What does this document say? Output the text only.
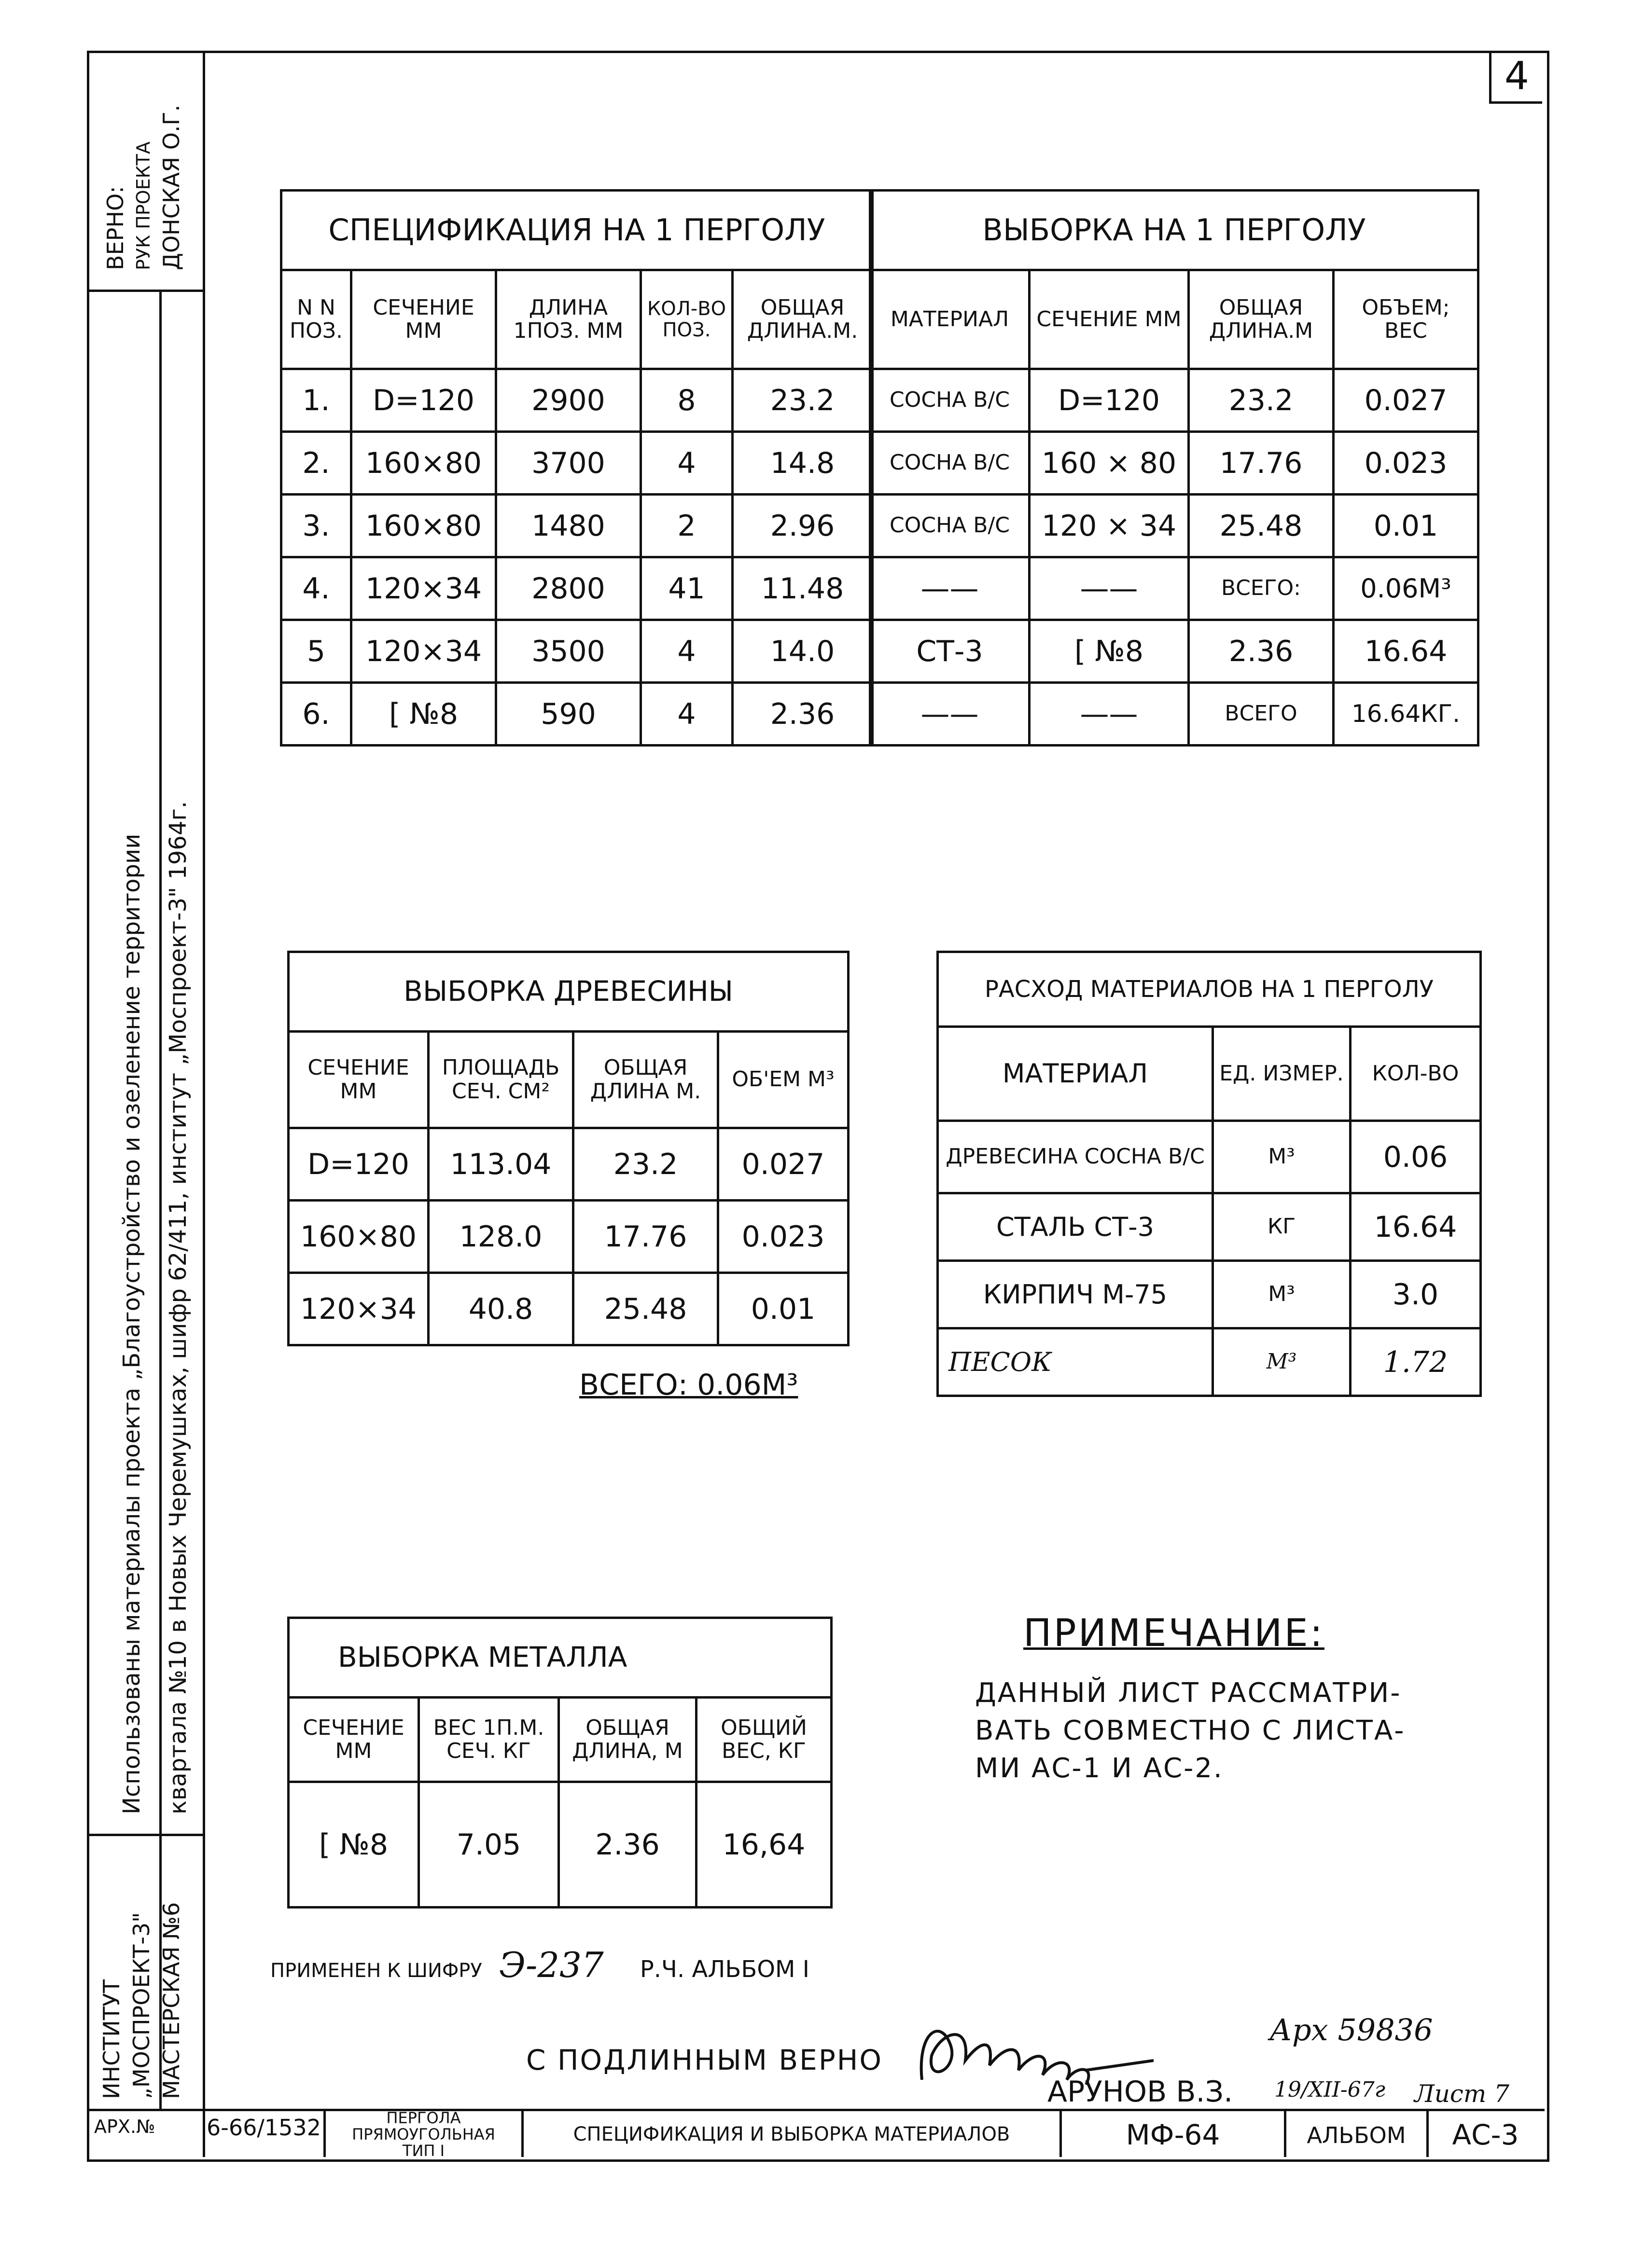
4
ВЕРНО: РУК ПРОЕКТА ДОНСКАЯ О.Г.
Использованы материалы проекта „Благоустройство и озеленение территории квартала №10 в Новых Черемушках, шифр 62/411, институт „Моспроект-3" 1964г.
ИНСТИТУТ „МОСПРОЕКТ-3" МАСТЕРСКАЯ №6
СПЕЦИФИКАЦИЯ НА 1 ПЕРГОЛУ				
N N ПОЗ.	СЕЧЕНИЕ ММ	ДЛИНА 1ПОЗ. ММ	КОЛ-ВО ПОЗ.	ОБЩАЯ ДЛИНА.М.
1.	D=120	2900	8	23.2
2.	160×80	3700	4	14.8
3.	160×80	1480	2	2.96
4.	120×34	2800	41	11.48
5	120×34	3500	4	14.0
6.	[ №8	590	4	2.36
ВЫБОРКА НА 1 ПЕРГОЛУ			
МАТЕРИАЛ	СЕЧЕНИЕ ММ	ОБЩАЯ ДЛИНА.М	ОБЪЕМ; ВЕС
СОСНА В/С	D=120	23.2	0.027
СОСНА В/С	160 × 80	17.76	0.023
СОСНА В/С	120 × 34	25.48	0.01
——	——	ВСЕГО:	0.06М³
СТ-3	[ №8	2.36	16.64
——	——	ВСЕГО	16.64КГ.
ВЫБОРКА ДРЕВЕСИНЫ			
СЕЧЕНИЕ ММ	ПЛОЩАДЬ СЕЧ. СМ²	ОБЩАЯ ДЛИНА М.	ОБ'ЕМ М³
D=120	113.04	23.2	0.027
160×80	128.0	17.76	0.023
120×34	40.8	25.48	0.01
ВСЕГО: 0.06М³
РАСХОД МАТЕРИАЛОВ НА 1 ПЕРГОЛУ		
МАТЕРИАЛ	ЕД. ИЗМЕР.	КОЛ-ВО
ДРЕВЕСИНА СОСНА В/С	М³	0.06
СТАЛЬ СТ-3	КГ	16.64
КИРПИЧ М-75	М³	3.0
ПЕСОК	М³	1.72
ВЫБОРКА МЕТАЛЛА			
СЕЧЕНИЕ ММ	ВЕС 1П.М. СЕЧ. КГ	ОБЩАЯ ДЛИНА, М	ОБЩИЙ ВЕС, КГ
[ №8	7.05	2.36	16,64
ПРИМЕЧАНИЕ:
ДАННЫЙ ЛИСТ РАССМАТРИ-
ВАТЬ СОВМЕСТНО С ЛИСТА-
МИ АС-1 И АС-2.
ПРИМЕНЕН К ШИФРУ Э-237 Р.Ч. АЛЬБОМ I
С ПОДЛИННЫМ ВЕРНО
Арх 59836
АРУНОВ В.З. 19/XII-67г Лист 7
АРХ.№ 6-66/1532	ПЕРГОЛА
ПРЯМОУГОЛЬНАЯ
ТИП I
СПЕЦИФИКАЦИЯ И ВЫБОРКА МАТЕРИАЛОВ	МФ-64	АЛЬБОМ	АС-3
